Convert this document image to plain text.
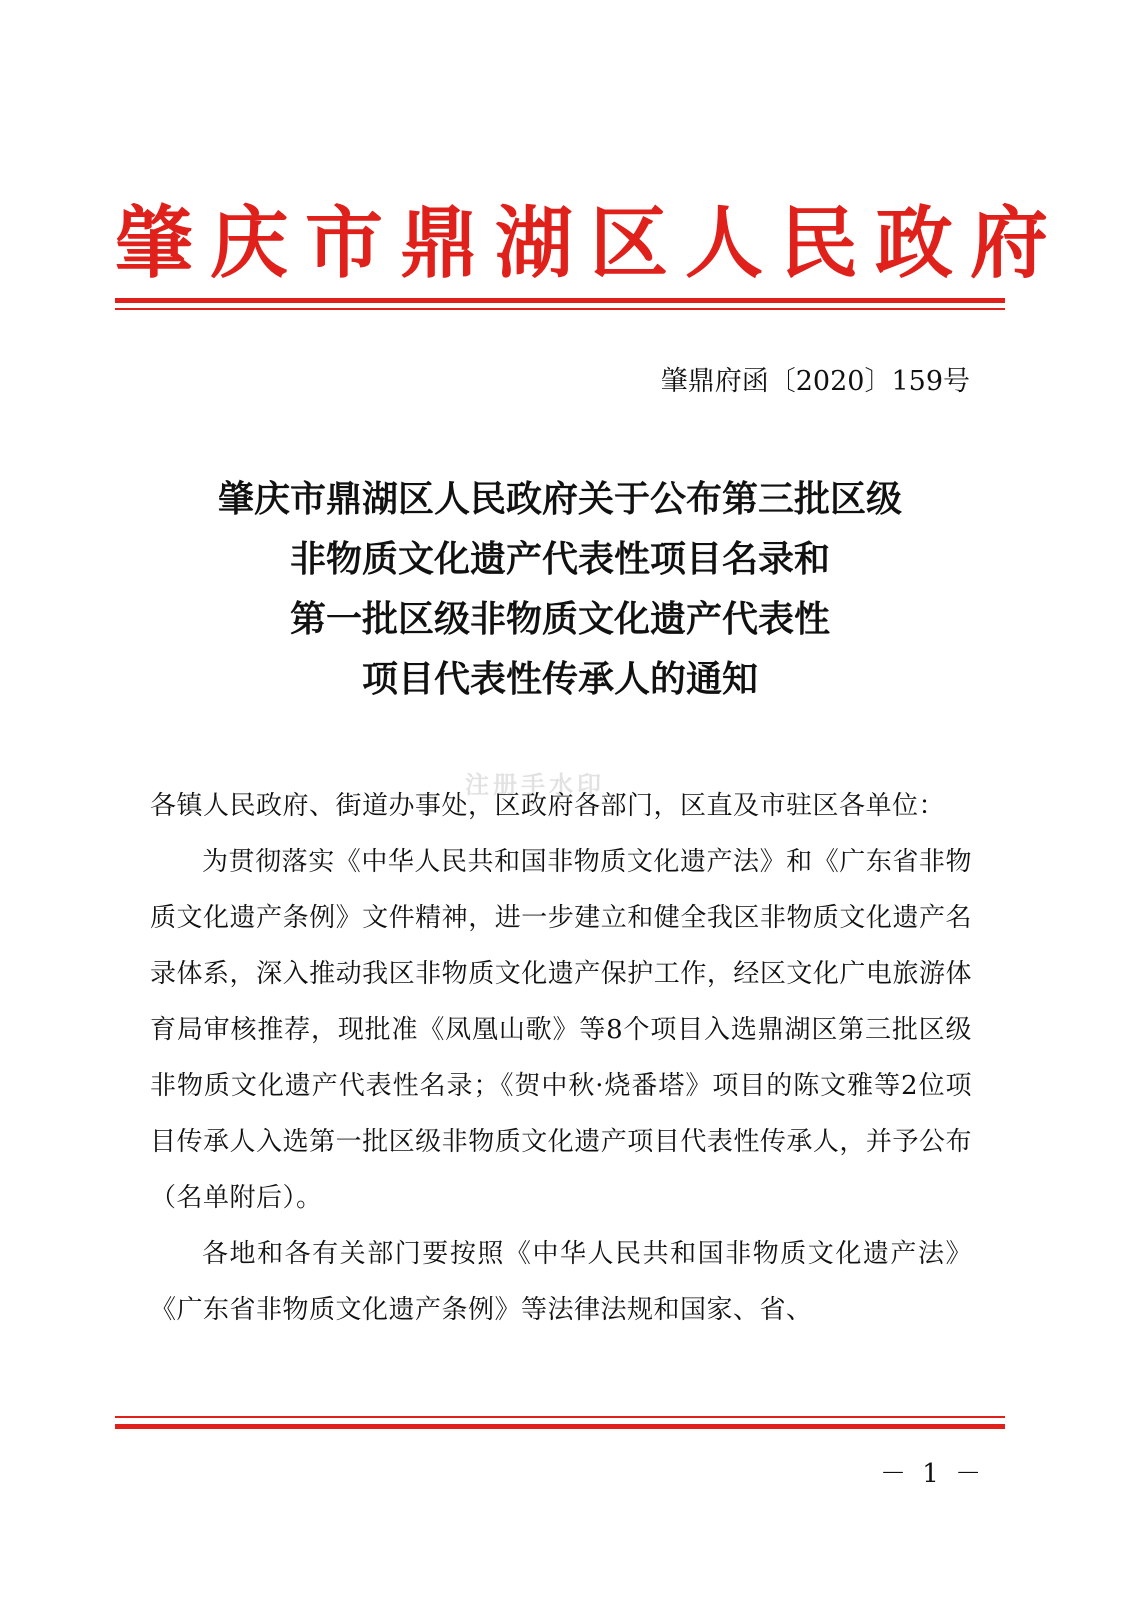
肇庆市鼎湖区人民政府
肇鼎府函〔2020〕159号
肇庆市鼎湖区人民政府关于公布第三批区级
非物质文化遗产代表性项目名录和
第一批区级非物质文化遗产代表性
项目代表性传承人的通知
注册手水印

各镇人民政府、街道办事处，区政府各部门，区直及市驻区各单位：

为贯彻落实《中华人民共和国非物质文化遗产法》和《广东省非物质文化遗产条例》文件精神，进一步建立和健全我区非物质文化遗产名录体系，深入推动我区非物质文化遗产保护工作，经区文化广电旅游体育局审核推荐，现批准《凤凰山歌》等8个项目入选鼎湖区第三批区级非物质文化遗产代表性名录；《贺中秋·烧番塔》项目的陈文雅等2位项目传承人入选第一批区级非物质文化遗产项目代表性传承人，并予公布（名单附后）。

各地和各有关部门要按照《中华人民共和国非物质文化遗产法》《广东省非物质文化遗产条例》等法律法规和国家、省、

－ 1 －
